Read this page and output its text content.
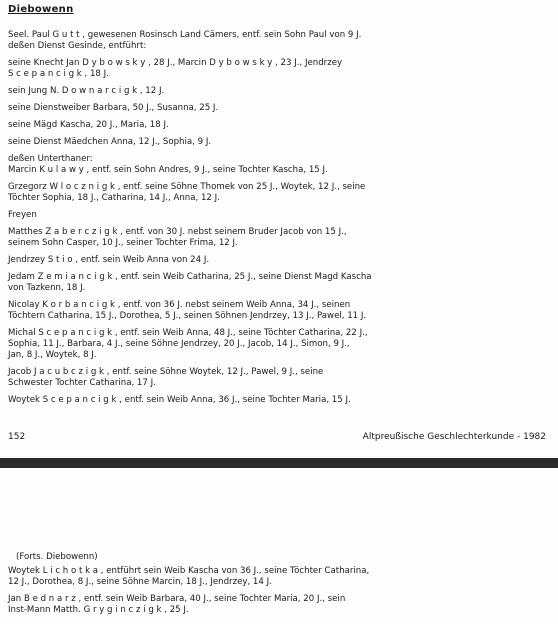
Diebowenn
Seel. Paul G u t t , gewesenen Rosinsch Land Cämers, entf. sein Sohn Paul von 9 J.
deßen Dienst Gesinde, entführt:
seine Knecht Jan D y b o w s k y , 28 J., Marcin D y b o w s k y , 23 J., Jendrzey
S c e p a n c i g k , 18 J.
sein Jung N. D o w n a r c i g k , 12 J.
seine Dienstweiber Barbara, 50 J., Susanna, 25 J.
seine Mägd Kascha, 20 J., Maria, 18 J.
seine Dienst Mäedchen Anna, 12 J., Sophia, 9 J.
deßen Unterthaner:
Marcin K u l a w y , entf. sein Sohn Andres, 9 J., seine Tochter Kascha, 15 J.
Grzegorz W l o c z n i g k , entf. seine Söhne Thomek von 25 J., Woytek, 12 J., seine
Töchter Sophia, 18 J., Catharina, 14 J., Anna, 12 J.
Freyen
Matthes Z a b e r c z i g k , entf. von 30 J. nebst seinem Bruder Jacob von 15 J.,
seinem Sohn Casper, 10 J., seiner Tochter Frima, 12 J.
Jendrzey S t i o , entf. sein Weib Anna von 24 J.
Jedam Z e m i a n c i g k , entf. sein Weib Catharina, 25 J., seine Dienst Magd Kascha
von Tazkenn, 18 J.
Nicolay K o r b a n c i g k , entf. von 36 J. nebst seinem Weib Anna, 34 J., seinen
Töchtern Catharina, 15 J., Dorothea, 5 J., seinen Söhnen Jendrzey, 13 J., Pawel, 11 J.
Michal S c e p a n c i g k , entf. sein Weib Anna, 48 J., seine Töchter Catharina, 22 J.,
Sophia, 11 J., Barbara, 4 J., seine Söhne Jendrzey, 20 J., Jacob, 14 J., Simon, 9 J.,
Jan, 8 J., Woytek, 8 J.
Jacob J a c u b c z i g k , entf. seine Söhne Woytek, 12 J., Pawel, 9 J., seine
Schwester Tochter Catharina, 17 J.
Woytek S c e p a n c i g k , entf. sein Weib Anna, 36 J., seine Tochter Maria, 15 J.
152	Altpreußische Geschlechterkunde - 1982
(Forts. Diebowenn)
Woytek L i c h o t k a , entführt sein Weib Kascha von 36 J., seine Töchter Catharina,
12 J., Dorothea, 8 J., seine Söhne Marcin, 18 J., Jendrzey, 14 J.
Jan B e d n a r z , entf. sein Weib Barbara, 40 J., seine Tochter Maria, 20 J., sein
Inst-Mann Matth. G r y g i n c z i g k , 25 J.
